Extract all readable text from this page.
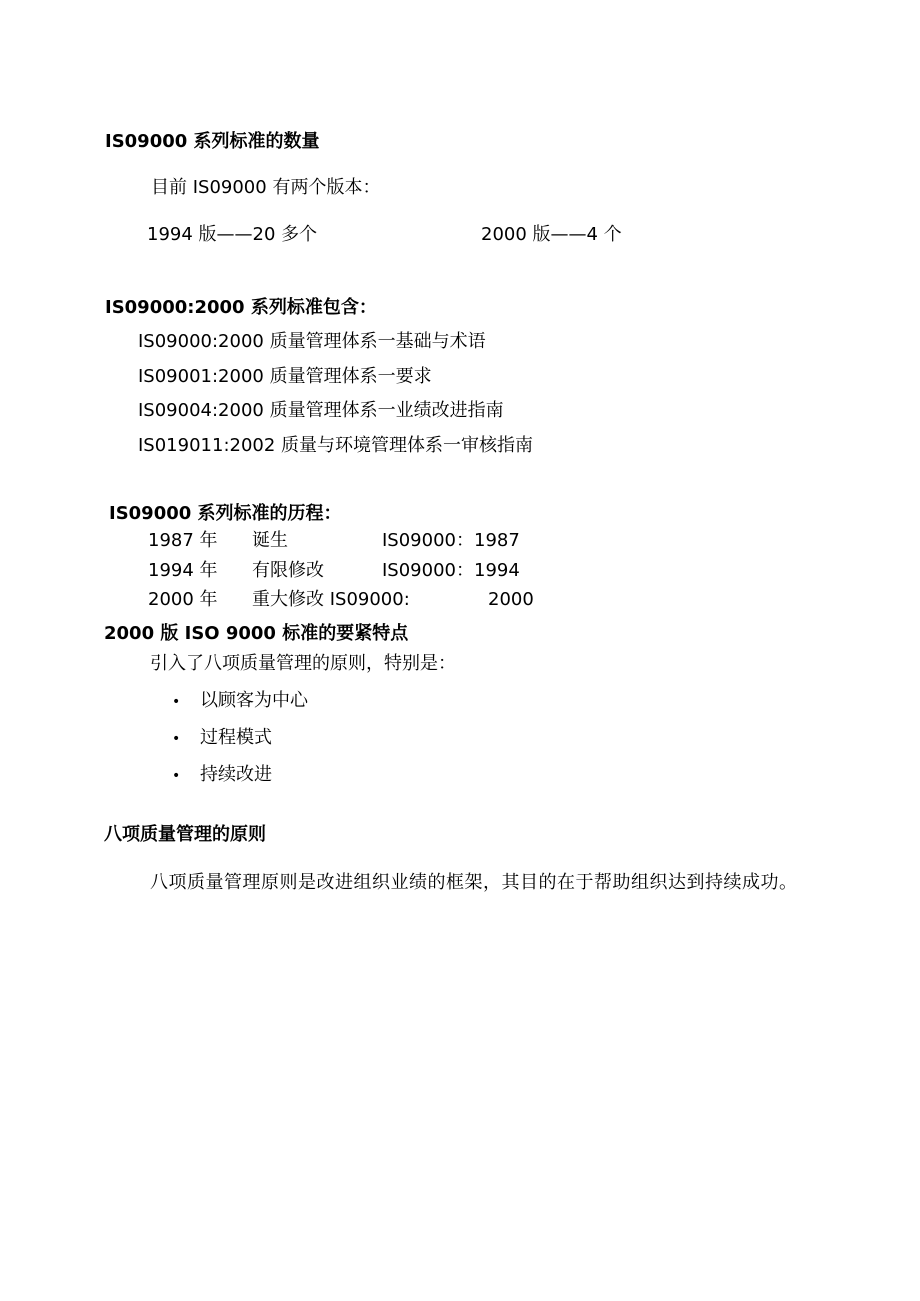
IS09000 系列标准的数量
目前 IS09000 有两个版本：
1994 版——20 多个	2000 版——4 个
IS09000:2000 系列标准包含：
IS09000:2000 质量管理体系一基础与术语
IS09001:2000 质量管理体系一要求
IS09004:2000 质量管理体系一业绩改进指南
IS019011:2002 质量与环境管理体系一审核指南
IS09000 系列标准的历程：
1987 年 诞生	IS09000：1987
1994 年 有限修改	IS09000：1994
2000 年 重大修改 IS09000:	2000
2000 版 ISO 9000 标准的要紧特点
引入了八项质量管理的原则，特别是：
• 以顾客为中心
• 过程模式
• 持续改进
八项质量管理的原则
八项质量管理原则是改进组织业绩的框架，其目的在于帮助组织达到持续成功。
